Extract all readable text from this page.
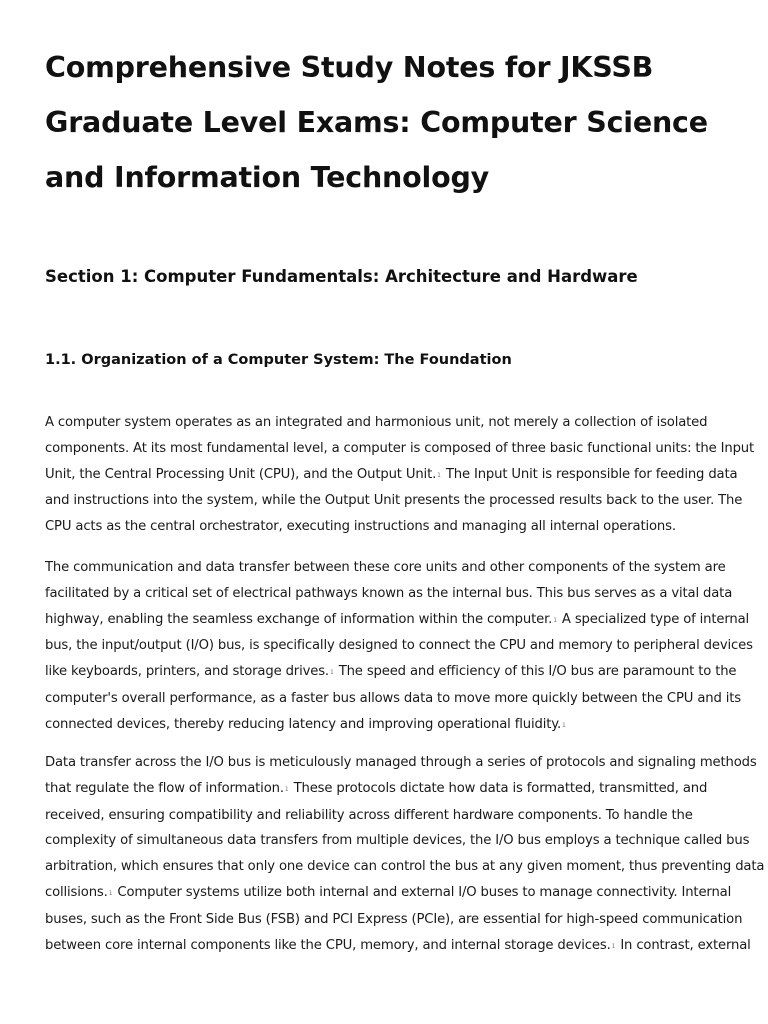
Comprehensive Study Notes for JKSSB
Graduate Level Exams: Computer Science
and Information Technology
Section 1: Computer Fundamentals: Architecture and Hardware
1.1. Organization of a Computer System: The Foundation
A computer system operates as an integrated and harmonious unit, not merely a collection of isolated
components. At its most fundamental level, a computer is composed of three basic functional units: the Input
Unit, the Central Processing Unit (CPU), and the Output Unit.$^1$ The Input Unit is responsible for feeding data
and instructions into the system, while the Output Unit presents the processed results back to the user. The
CPU acts as the central orchestrator, executing instructions and managing all internal operations.
The communication and data transfer between these core units and other components of the system are
facilitated by a critical set of electrical pathways known as the internal bus. This bus serves as a vital data
highway, enabling the seamless exchange of information within the computer.$^1$ A specialized type of internal
bus, the input/output (I/O) bus, is specifically designed to connect the CPU and memory to peripheral devices
like keyboards, printers, and storage drives.$^1$ The speed and efficiency of this I/O bus are paramount to the
computer's overall performance, as a faster bus allows data to move more quickly between the CPU and its
connected devices, thereby reducing latency and improving operational fluidity.$^1$
Data transfer across the I/O bus is meticulously managed through a series of protocols and signaling methods
that regulate the flow of information.$^1$ These protocols dictate how data is formatted, transmitted, and
received, ensuring compatibility and reliability across different hardware components. To handle the
complexity of simultaneous data transfers from multiple devices, the I/O bus employs a technique called bus
arbitration, which ensures that only one device can control the bus at any given moment, thus preventing data
collisions.$^1$ Computer systems utilize both internal and external I/O buses to manage connectivity. Internal
buses, such as the Front Side Bus (FSB) and PCI Express (PCIe), are essential for high-speed communication
between core internal components like the CPU, memory, and internal storage devices.$^1$ In contrast, external
